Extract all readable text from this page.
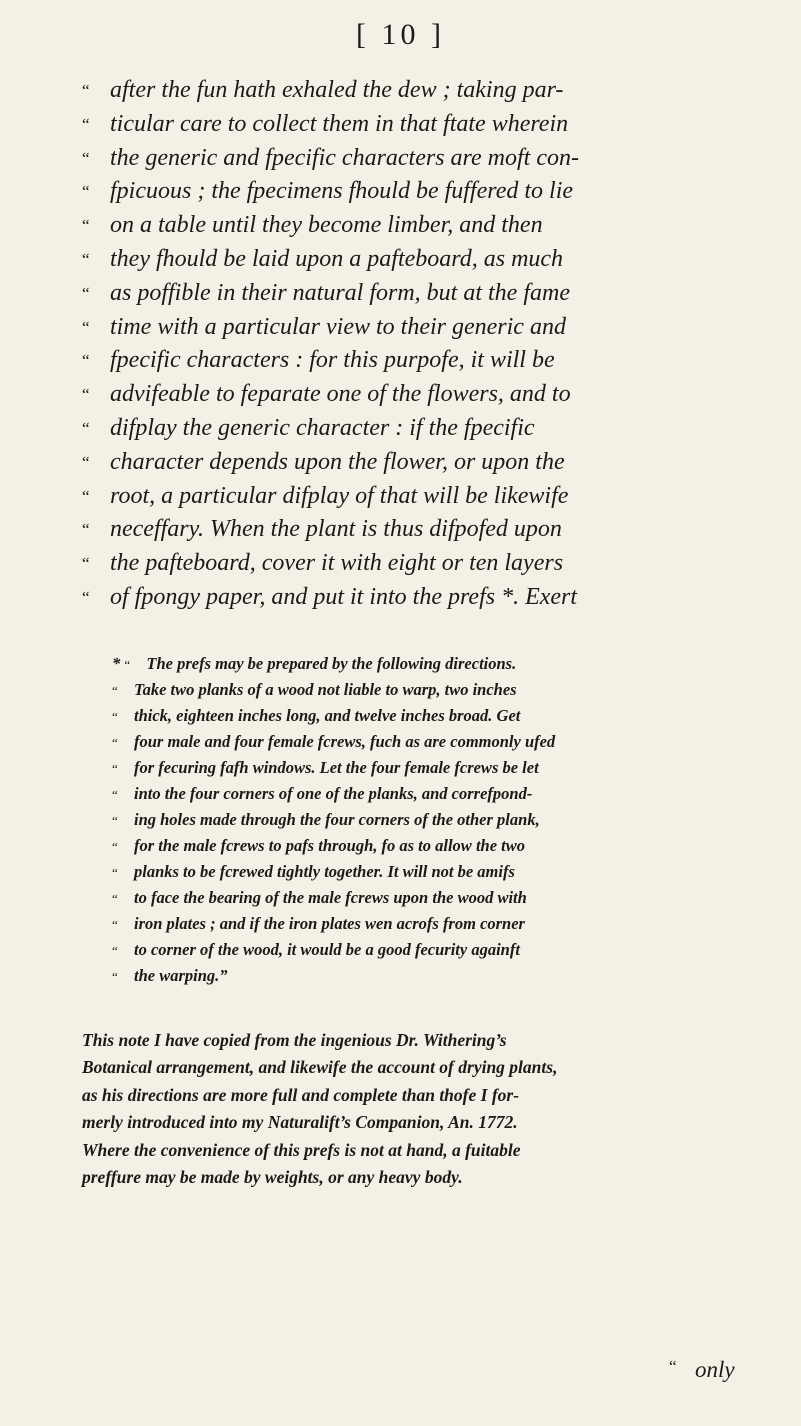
[ 10 ]
“ after the fun hath exhaled the dew ; taking par-
“ ticular care to collect them in that ftate wherein
“ the generic and fpecific characters are moft con-
“ fpicuous ; the fpecimens fhould be fuffered to lie
“ on a table until they become limber, and then
“ they fhould be laid upon a pafteboard, as much
“ as poffible in their natural form, but at the fame
“ time with a particular view to their generic and
“ fpecific characters : for this purpofe, it will be
“ advifeable to feparate one of the flowers, and to
“ difplay the generic character : if the fpecific
“ character depends upon the flower, or upon the
“ root, a particular difplay of that will be likewife
“ neceffary. When the plant is thus difpofed upon
“ the pafteboard, cover it with eight or ten layers
“ of fpongy paper, and put it into the prefs *. Exert
* “ The prefs may be prepared by the following directions.
“ Take two planks of a wood not liable to warp, two inches
“ thick, eighteen inches long, and twelve inches broad. Get
“ four male and four female fcrews, fuch as are commonly ufed
“ for fecuring fafh windows. Let the four female fcrews be let
“ into the four corners of one of the planks, and correfpond-
“ ing holes made through the four corners of the other plank,
“ for the male fcrews to pafs through, fo as to allow the two
“ planks to be fcrewed tightly together. It will not be amifs
“ to face the bearing of the male fcrews upon the wood with
“ iron plates ; and if the iron plates wen acrofs from corner
“ to corner of the wood, it would be a good fecurity againft
“ the warping.”
This note I have copied from the ingenious Dr. Withering’s
Botanical arrangement, and likewife the account of drying plants,
as his directions are more full and complete than thofe I for-
merly introduced into my Naturalift’s Companion, An. 1772.
Where the convenience of this prefs is not at hand, a fuitable
preffure may be made by weights, or any heavy body.
“ only
